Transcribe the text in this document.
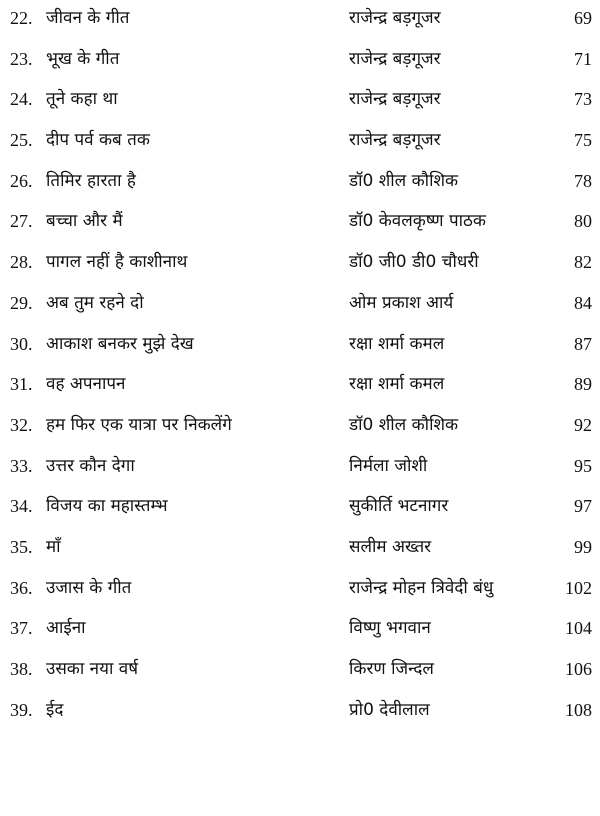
22. जीवन के गीत	राजेन्द्र बड़गूजर	69
23. भूख के गीत	राजेन्द्र बड़गूजर	71
24. तूने कहा था	राजेन्द्र बड़गूजर	73
25. दीप पर्व कब तक	राजेन्द्र बड़गूजर	75
26. तिमिर हारता है	डॉ0 शील कौशिक	78
27. बच्चा और मैं	डॉ0 केवलकृष्ण पाठक	80
28. पागल नहीं है काशीनाथ	डॉ0 जी0 डी0 चौधरी	82
29. अब तुम रहने दो	ओम प्रकाश आर्य	84
30. आकाश बनकर मुझे देख	रक्षा शर्मा कमल	87
31. वह अपनापन	रक्षा शर्मा कमल	89
32. हम फिर एक यात्रा पर निकलेंगे	डॉ0 शील कौशिक	92
33. उत्तर कौन देगा	निर्मला जोशी	95
34. विजय का महास्तम्भ	सुकीर्ति भटनागर	97
35. माँ	सलीम अख्तर	99
36. उजास के गीत	राजेन्द्र मोहन त्रिवेदी बंधु	102
37. आईना	विष्णु भगवान	104
38. उसका नया वर्ष	किरण जिन्दल	106
39. ईद	प्रो0 देवीलाल	108
